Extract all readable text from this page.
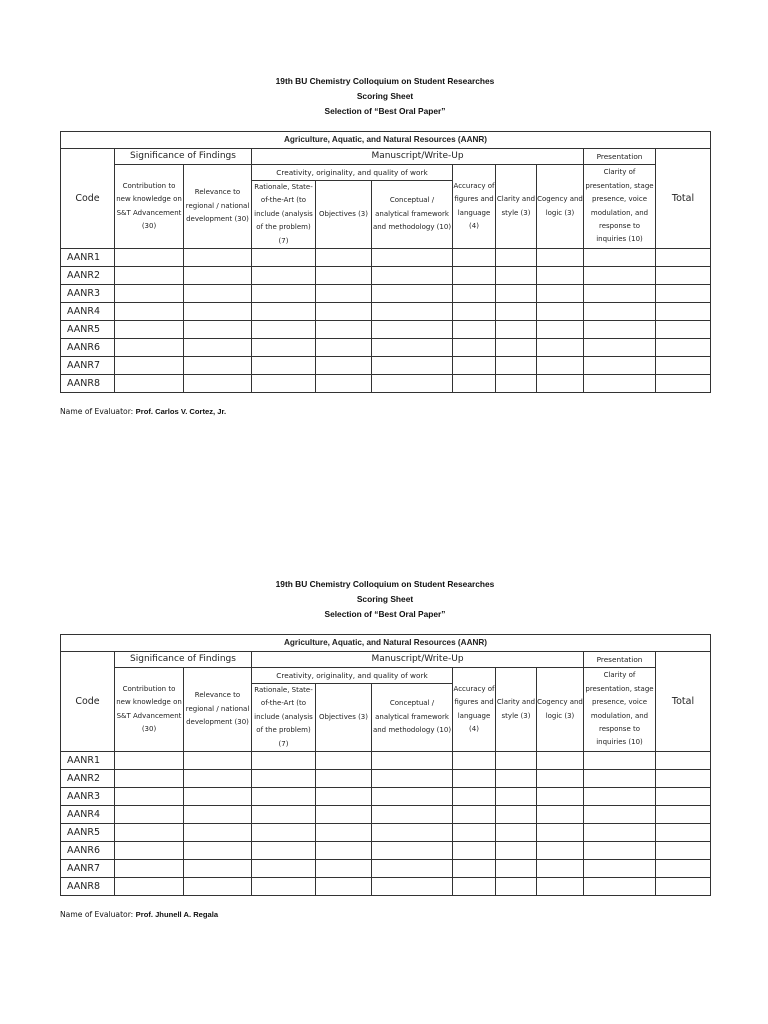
19th BU Chemistry Colloquium on Student Researches
Scoring Sheet
Selection of “Best Oral Paper”
Agriculture, Aquatic, and Natural Resources (AANR)										
Code	Significance of Findings		Manuscript/Write-Up						Presentation	Total
	Contribution to new knowledge on S&T Advancement (30)	Relevance to regional / national development (30)	Creativity, originality, and quality of work			Accuracy of figures and language (4)	Clarity and style (3)	Cogency and logic (3)	Clarity of presentation, stage presence, voice modulation, and response to inquiries (10)	
			Rationale, State-of-the-Art (to include (analysis of the problem) (7)	Objectives (3)	Conceptual / analytical framework and methodology (10)					
AANR1										
AANR2										
AANR3										
AANR4										
AANR5										
AANR6										
AANR7										
AANR8										
Name of Evaluator: Prof. Carlos V. Cortez, Jr.
19th BU Chemistry Colloquium on Student Researches
Scoring Sheet
Selection of “Best Oral Paper”
Agriculture, Aquatic, and Natural Resources (AANR)										
Code	Significance of Findings		Manuscript/Write-Up						Presentation	Total
	Contribution to new knowledge on S&T Advancement (30)	Relevance to regional / national development (30)	Creativity, originality, and quality of work			Accuracy of figures and language (4)	Clarity and style (3)	Cogency and logic (3)	Clarity of presentation, stage presence, voice modulation, and response to inquiries (10)	
			Rationale, State-of-the-Art (to include (analysis of the problem) (7)	Objectives (3)	Conceptual / analytical framework and methodology (10)					
AANR1										
AANR2										
AANR3										
AANR4										
AANR5										
AANR6										
AANR7										
AANR8										
Name of Evaluator: Prof. Jhunell A. Regala
